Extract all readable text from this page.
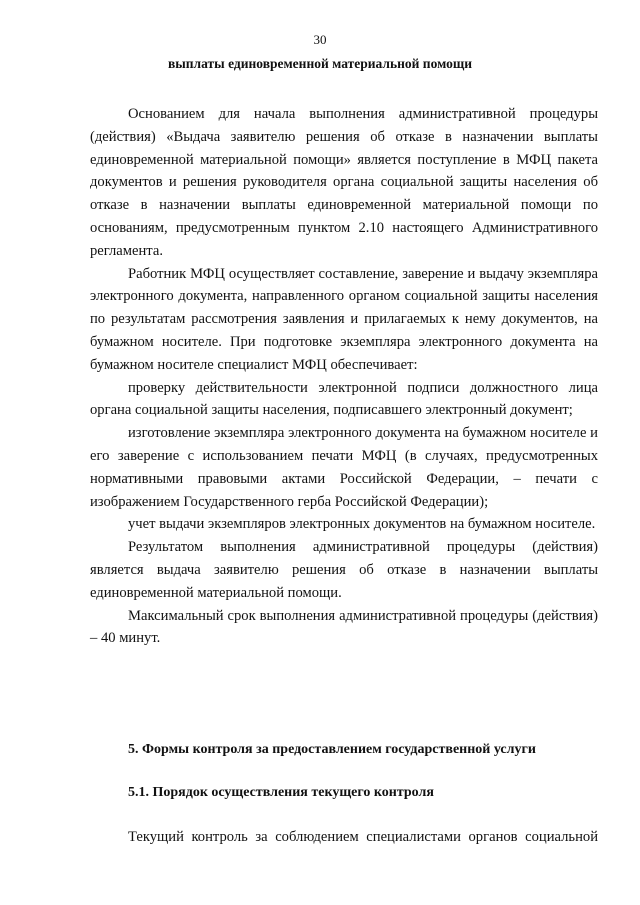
30
выплаты единовременной материальной помощи

Основанием для начала выполнения административной процедуры (действия) «Выдача заявителю решения об отказе в назначении выплаты единовременной материальной помощи» является поступление в МФЦ пакета документов и решения руководителя органа социальной защиты населения об отказе в назначении выплаты единовременной материальной помощи по основаниям, предусмотренным пунктом 2.10 настоящего Административного регламента.

Работник МФЦ осуществляет составление, заверение и выдачу экземпляра электронного документа, направленного органом социальной защиты населения по результатам рассмотрения заявления и прилагаемых к нему документов, на бумажном носителе. При подготовке экземпляра электронного документа на бумажном носителе специалист МФЦ обеспечивает:

проверку действительности электронной подписи должностного лица органа социальной защиты населения, подписавшего электронный документ;

изготовление экземпляра электронного документа на бумажном носителе и его заверение с использованием печати МФЦ (в случаях, предусмотренных нормативными правовыми актами Российской Федерации, – печати с изображением Государственного герба Российской Федерации);

учет выдачи экземпляров электронных документов на бумажном носителе.

Результатом выполнения административной процедуры (действия) является выдача заявителю решения об отказе в назначении выплаты единовременной материальной помощи.

Максимальный срок выполнения административной процедуры (действия) – 40 минут.

5. Формы контроля за предоставлением государственной услуги
5.1. Порядок осуществления текущего контроля
Текущий контроль за соблюдением специалистами органов социальной
